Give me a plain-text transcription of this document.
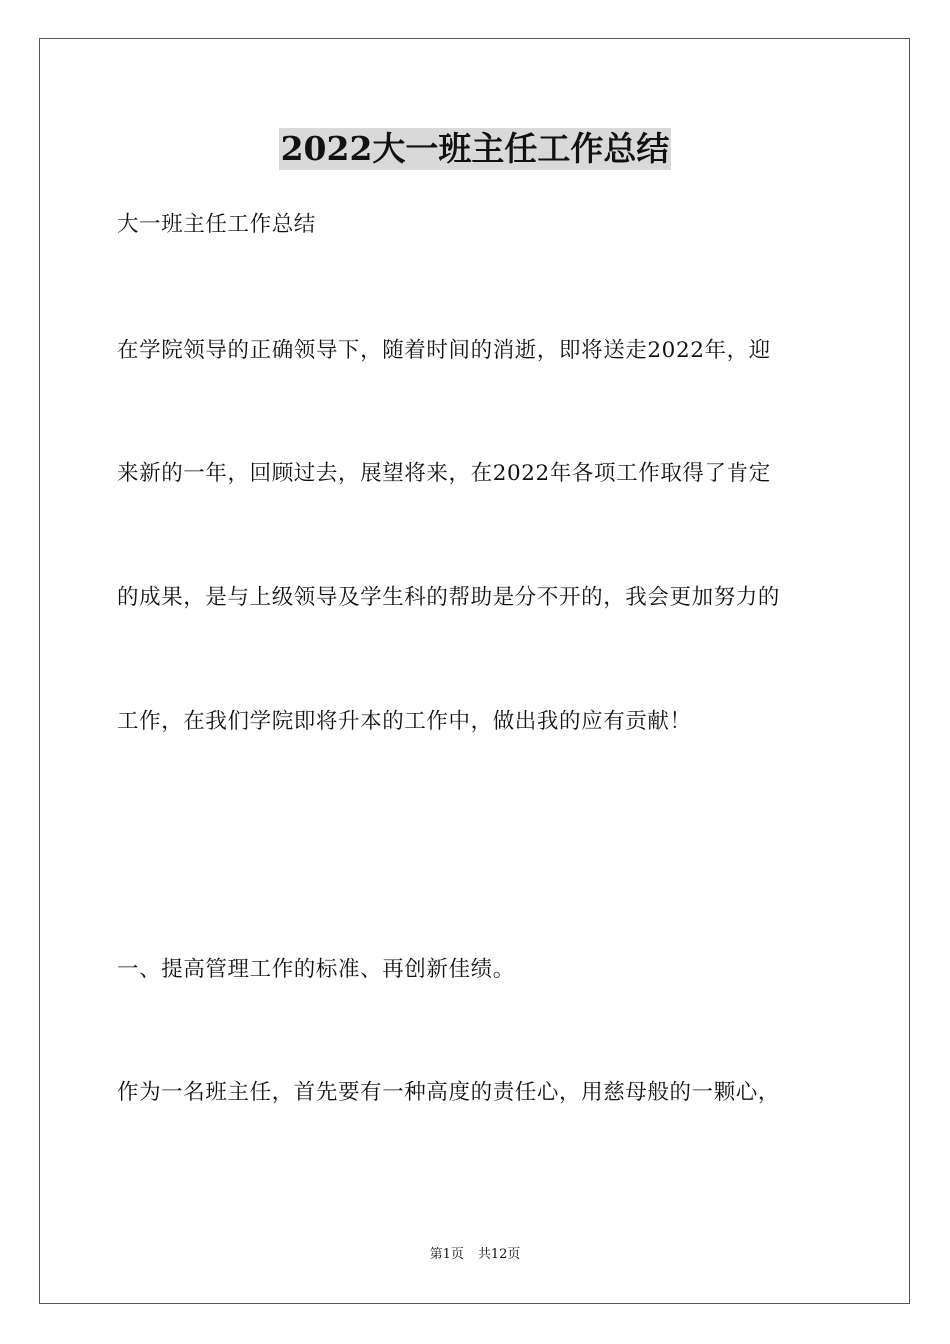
2022大一班主任工作总结
大一班主任工作总结
在学院领导的正确领导下，随着时间的消逝，即将送走2022年，迎
来新的一年，回顾过去，展望将来，在2022年各项工作取得了肯定
的成果，是与上级领导及学生科的帮助是分不开的，我会更加努力的
工作，在我们学院即将升本的工作中，做出我的应有贡献！
一、提高管理工作的标准、再创新佳绩。
作为一名班主任，首先要有一种高度的责任心，用慈母般的一颗心，
第1页 共12页
